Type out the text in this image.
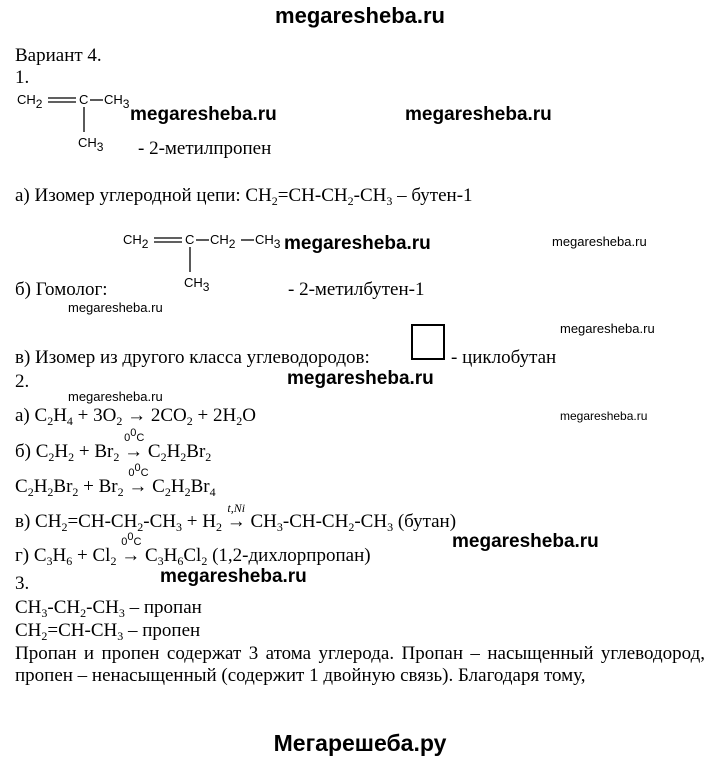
megaresheba.ru
Мегарешеба.ру
Вариант 4.
1.
$CH_2$	C $CH_3$
$CH_3$
megaresheba.ru	megaresheba.ru
- 2-метилпропен
а) Изомер углеродной цепи: $CH_2=CH-CH_2-CH_3$ – бутен-1
$CH_2$	C $CH_2$ $CH_3$
$CH_3$
megaresheba.ru	megaresheba.ru
б) Гомолог:	- 2-метилбутен-1
megaresheba.ru
megaresheba.ru
в) Изомер из другого класса углеводородов:	- циклобутан
2.	megaresheba.ru
megaresheba.ru
а) $C_2H_4 + 3O_2 \to 2CO_2 + 2H_2O$	megaresheba.ru
б) $C_2H_2 + Br_2$
$0^0C$
→ $C_2H_2Br_2$
$C_2H_2Br_2 + Br_2$
$0^0C$
→ $C_2H_2Br_4$
в) $CH_2=CH-CH_2-CH_3 + H_2$
t,Ni
→ $CH_3-CH-CH_2-CH_3$ (бутан)
г) $C_3H_6 + Cl_2$
$0^0C$
→ $C_3H_6Cl_2$ (1,2-дихлорпропан)
megaresheba.ru
megaresheba.ru
3.
$CH_3-CH_2-CH_3$ – пропан
$CH_2=CH-CH_3$ – пропен
Пропан и пропен содержат 3 атома углерода. Пропан – насыщенный углеводород, пропен – ненасыщенный (содержит 1 двойную связь). Благодаря тому,
